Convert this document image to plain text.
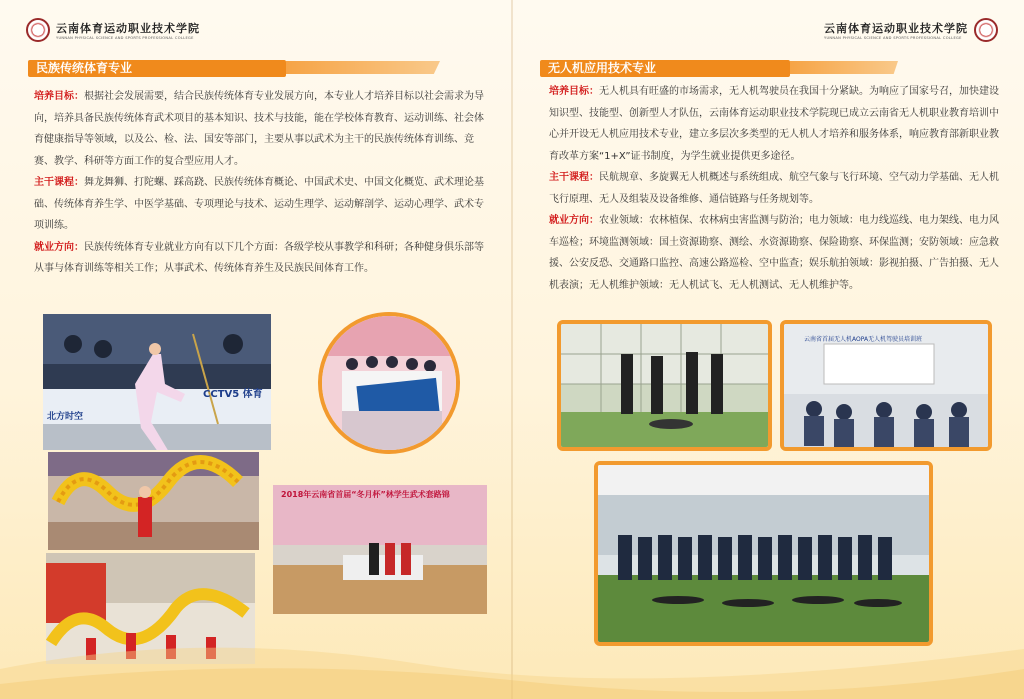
云南体育运动职业技术学院
YUNNAN PHYSICAL SCIENCE AND SPORTS PROFESSIONAL COLLEGE
民族传统体育专业

培养目标：根据社会发展需要，结合民族传统体育专业发展方向，本专业人才培养目标以社会需求为导向，培养具备民族传统体育武术项目的基本知识、技术与技能，能在学校体育教育、运动训练、社会体育健康指导等领域，以及公、检、法、国安等部门，主要从事以武术为主干的民族传统体育训练、竞赛、教学、科研等方面工作的复合型应用人才。

主干课程：舞龙舞狮、打陀螺、踩高跷、民族传统体育概论、中国武术史、中国文化概览、武术理论基础、传统体育养生学、中医学基础、专项理论与技术、运动生理学、运动解剖学、运动心理学、武术专项训练。

就业方向：民族传统体育专业就业方向有以下几个方面：各级学校从事教学和科研；各种健身俱乐部等从事与体育训练等相关工作；从事武术、传统体育养生及民族民间体育工作。

北方时空
CCTV5 体育
2018年云南省首届“冬月杯”林学生武术套路锦
云南体育运动职业技术学院
YUNNAN PHYSICAL SCIENCE AND SPORTS PROFESSIONAL COLLEGE
无人机应用技术专业

培养目标：无人机具有旺盛的市场需求，无人机驾驶员在我国十分紧缺。为响应了国家号召，加快建设知识型、技能型、创新型人才队伍，云南体育运动职业技术学院现已成立云南省无人机职业教育培训中心并开设无人机应用技术专业，建立多层次多类型的无人机人才培养和服务体系，响应教育部新职业教育改革方案“1+X”证书制度，为学生就业提供更多途径。

主干课程：民航规章、多旋翼无人机概述与系统组成、航空气象与飞行环境、空气动力学基础、无人机飞行原理、无人及组装及设备维修、通信链路与任务规划等。

就业方向：农业领域：农林植保、农林病虫害监测与防治；电力领域：电力线巡线、电力架线、电力风车巡检；环境监测领域：国土资源勘察、测绘、水资源勘察、保险勘察、环保监测；安防领域：应急救援、公安反恐、交通路口监控、高速公路巡检、空中监查；娱乐航拍领域：影视拍摄、广告拍摄、无人机表演；无人机维护领域：无人机试飞、无人机测试、无人机维护等。

云南省首届无人机AOPA无人机驾驶员培训班
